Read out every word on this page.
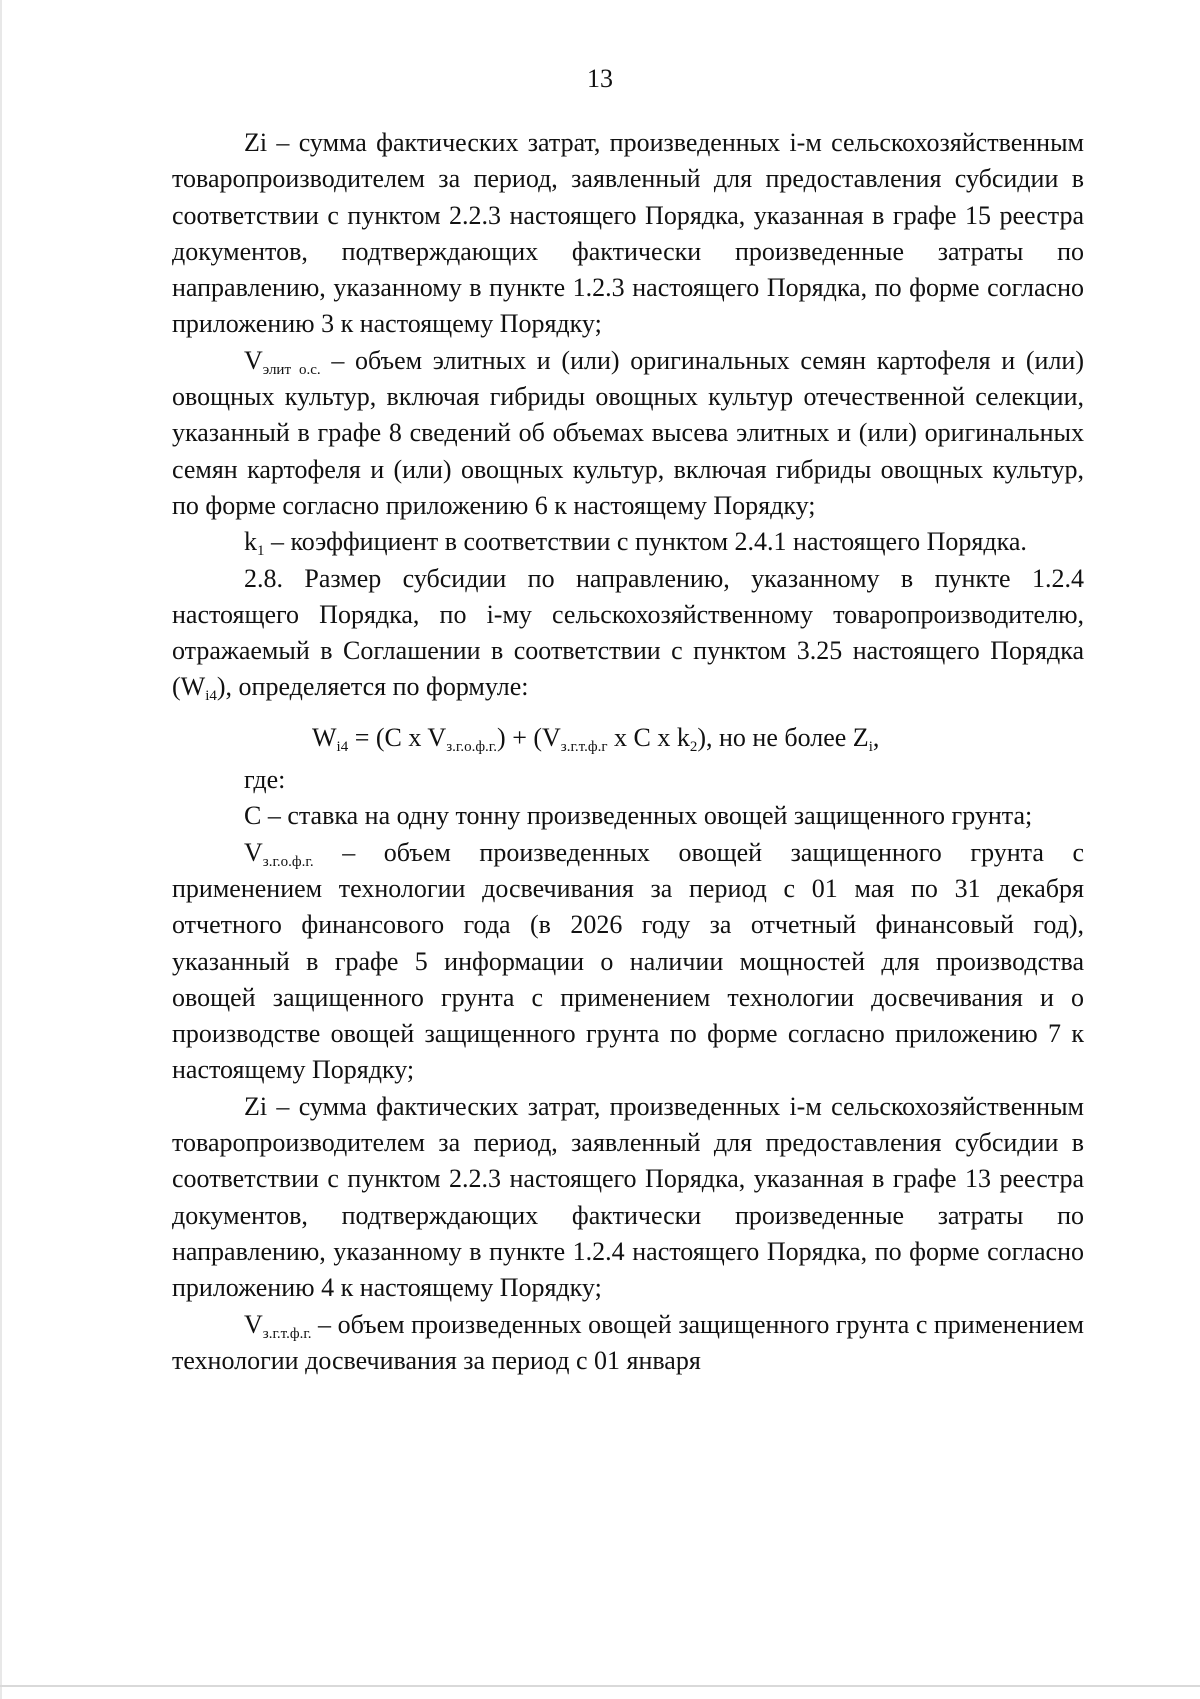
13

Zi – сумма фактических затрат, произведенных i-м сельскохозяйственным товаропроизводителем за период, заявленный для предоставления субсидии в соответствии с пунктом 2.2.3 настоящего Порядка, указанная в графе 15 реестра документов, подтверждающих фактически произведенные затраты по направлению, указанному в пункте 1.2.3 настоящего Порядка, по форме согласно приложению 3 к настоящему Порядку;

$V_{элит о.с.}$ – объем элитных и (или) оригинальных семян картофеля и (или) овощных культур, включая гибриды овощных культур отечественной селекции, указанный в графе 8 сведений об объемах высева элитных и (или) оригинальных семян картофеля и (или) овощных культур, включая гибриды овощных культур, по форме согласно приложению 6 к настоящему Порядку;

$k_1$ – коэффициент в соответствии с пунктом 2.4.1 настоящего Порядка.

2.8. Размер субсидии по направлению, указанному в пункте 1.2.4 настоящего Порядка, по i-му сельскохозяйственному товаропроизводителю, отражаемый в Соглашении в соответствии с пунктом 3.25 настоящего Порядка $(W_{i4})$, определяется по формуле:

$W_{i4} = (C$ x $V_{з.г.о.ф.г.}) + (V_{з.г.т.ф.г}$ x C x $k_2$), но не более $Z_i$,

где:

C – ставка на одну тонну произведенных овощей защищенного грунта;

$V_{з.г.о.ф.г.}$ – объем произведенных овощей защищенного грунта с применением технологии досвечивания за период с 01 мая по 31 декабря отчетного финансового года (в 2026 году за отчетный финансовый год), указанный в графе 5 информации о наличии мощностей для производства овощей защищенного грунта с применением технологии досвечивания и о производстве овощей защищенного грунта по форме согласно приложению 7 к настоящему Порядку;

Zi – сумма фактических затрат, произведенных i-м сельскохозяйственным товаропроизводителем за период, заявленный для предоставления субсидии в соответствии с пунктом 2.2.3 настоящего Порядка, указанная в графе 13 реестра документов, подтверждающих фактически произведенные затраты по направлению, указанному в пункте 1.2.4 настоящего Порядка, по форме согласно приложению 4 к настоящему Порядку;

$V_{з.г.т.ф.г.}$ – объем произведенных овощей защищенного грунта с применением технологии досвечивания за период с 01 января
